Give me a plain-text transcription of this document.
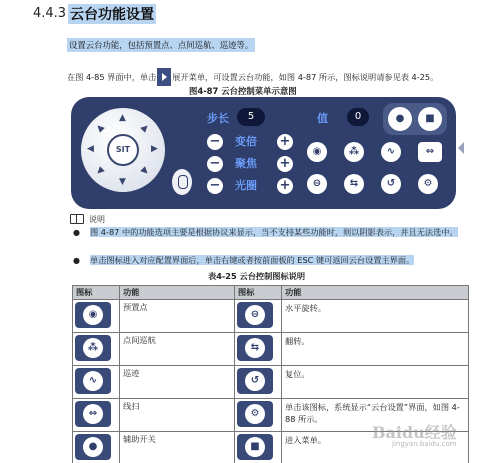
4.4.3 云台功能设置
设置云台功能，包括预置点、点间巡航、巡迹等。
在图 4-85 界面中，单击 展开菜单，可设置云台功能，如图 4-87 所示，图标说明请参见表 4-25。
图4-87 云台控制菜单示意图
▲
▼
◀	▶
▲	▲
▲	▲
SIT
步长	5
− 变倍 +
− 聚焦 +
− 光圈 +
值	0	●	■
◉	⁂	∿	⇔
⊖	⇆	↺	⚙
说明
● 图 4-87 中的功能选项主要是根据协议来显示，当不支持某些功能时，则以阴影表示，并且无法选中。
● 单击图标进入对应配置界面后，单击右键或者按前面板的 ESC 键可返回云台设置主界面。
表4-25 云台控制图标说明
图标	功能	图标	功能

◉	预置点	⊖	水平旋转。

⁂	点间巡航	⇆	翻转。

∿	巡迹	↺	复位。

⇔	线扫	⚙	单击该图标，系统显示“云台设置”界面，如图 4-88 所示。

●	辅助开关	■	进入菜单。	Baidu经验
jingyan.baidu.com
